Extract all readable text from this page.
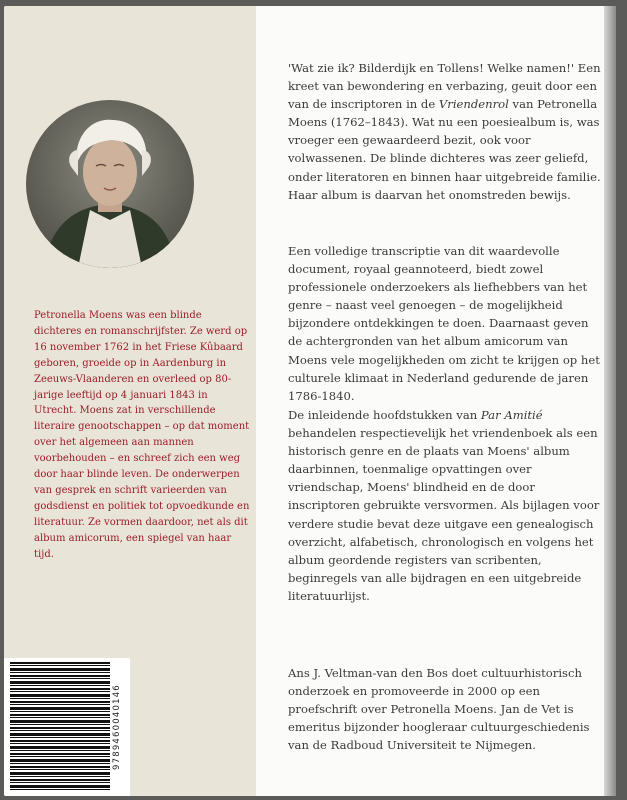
Petronella Moens was een blinde dichteres en romanschrijfster. Ze werd op 16 november 1762 in het Friese Kûbaard geboren, groeide op in Aardenburg in Zeeuws-Vlaanderen en overleed op 80-jarige leeftijd op 4 januari 1843 in Utrecht. Moens zat in verschillende literaire genootschappen – op dat moment over het algemeen aan mannen voorbehouden – en schreef zich een weg door haar blinde leven. De onderwerpen van gesprek en schrift varieerden van godsdienst en politiek tot opvoedkunde en literatuur. Ze vormen daardoor, net als dit album amicorum, een spiegel van haar tijd.

9789460040146

'Wat zie ik? Bilderdijk en Tollens! Welke namen!' Een kreet van bewondering en verbazing, geuit door een van de inscriptoren in de Vriendenrol van Petronella Moens (1762–1843). Wat nu een poesiealbum is, was vroeger een gewaardeerd bezit, ook voor volwassenen. De blinde dichteres was zeer geliefd, onder literatoren en binnen haar uitgebreide familie. Haar album is daarvan het onomstreden bewijs.

Een volledige transcriptie van dit waardevolle document, royaal geannoteerd, biedt zowel professionele onderzoekers als liefhebbers van het genre – naast veel genoegen – de mogelijkheid bijzondere ontdekkingen te doen. Daarnaast geven de achtergronden van het album amicorum van Moens vele mogelijkheden om zicht te krijgen op het culturele klimaat in Nederland gedurende de jaren 1786-1840.

De inleidende hoofdstukken van Par Amitié behandelen respectievelijk het vriendenboek als een historisch genre en de plaats van Moens' album daarbinnen, toenmalige opvattingen over vriendschap, Moens' blindheid en de door inscriptoren gebruikte versvormen. Als bijlagen voor verdere studie bevat deze uitgave een genealogisch overzicht, alfabetisch, chronologisch en volgens het album geordende registers van scribenten, beginregels van alle bijdragen en een uitgebreide literatuurlijst.

Ans J. Veltman-van den Bos doet cultuurhistorisch onderzoek en promoveerde in 2000 op een proefschrift over Petronella Moens. Jan de Vet is emeritus bijzonder hoogleraar cultuurgeschiedenis van de Radboud Universiteit te Nijmegen.
